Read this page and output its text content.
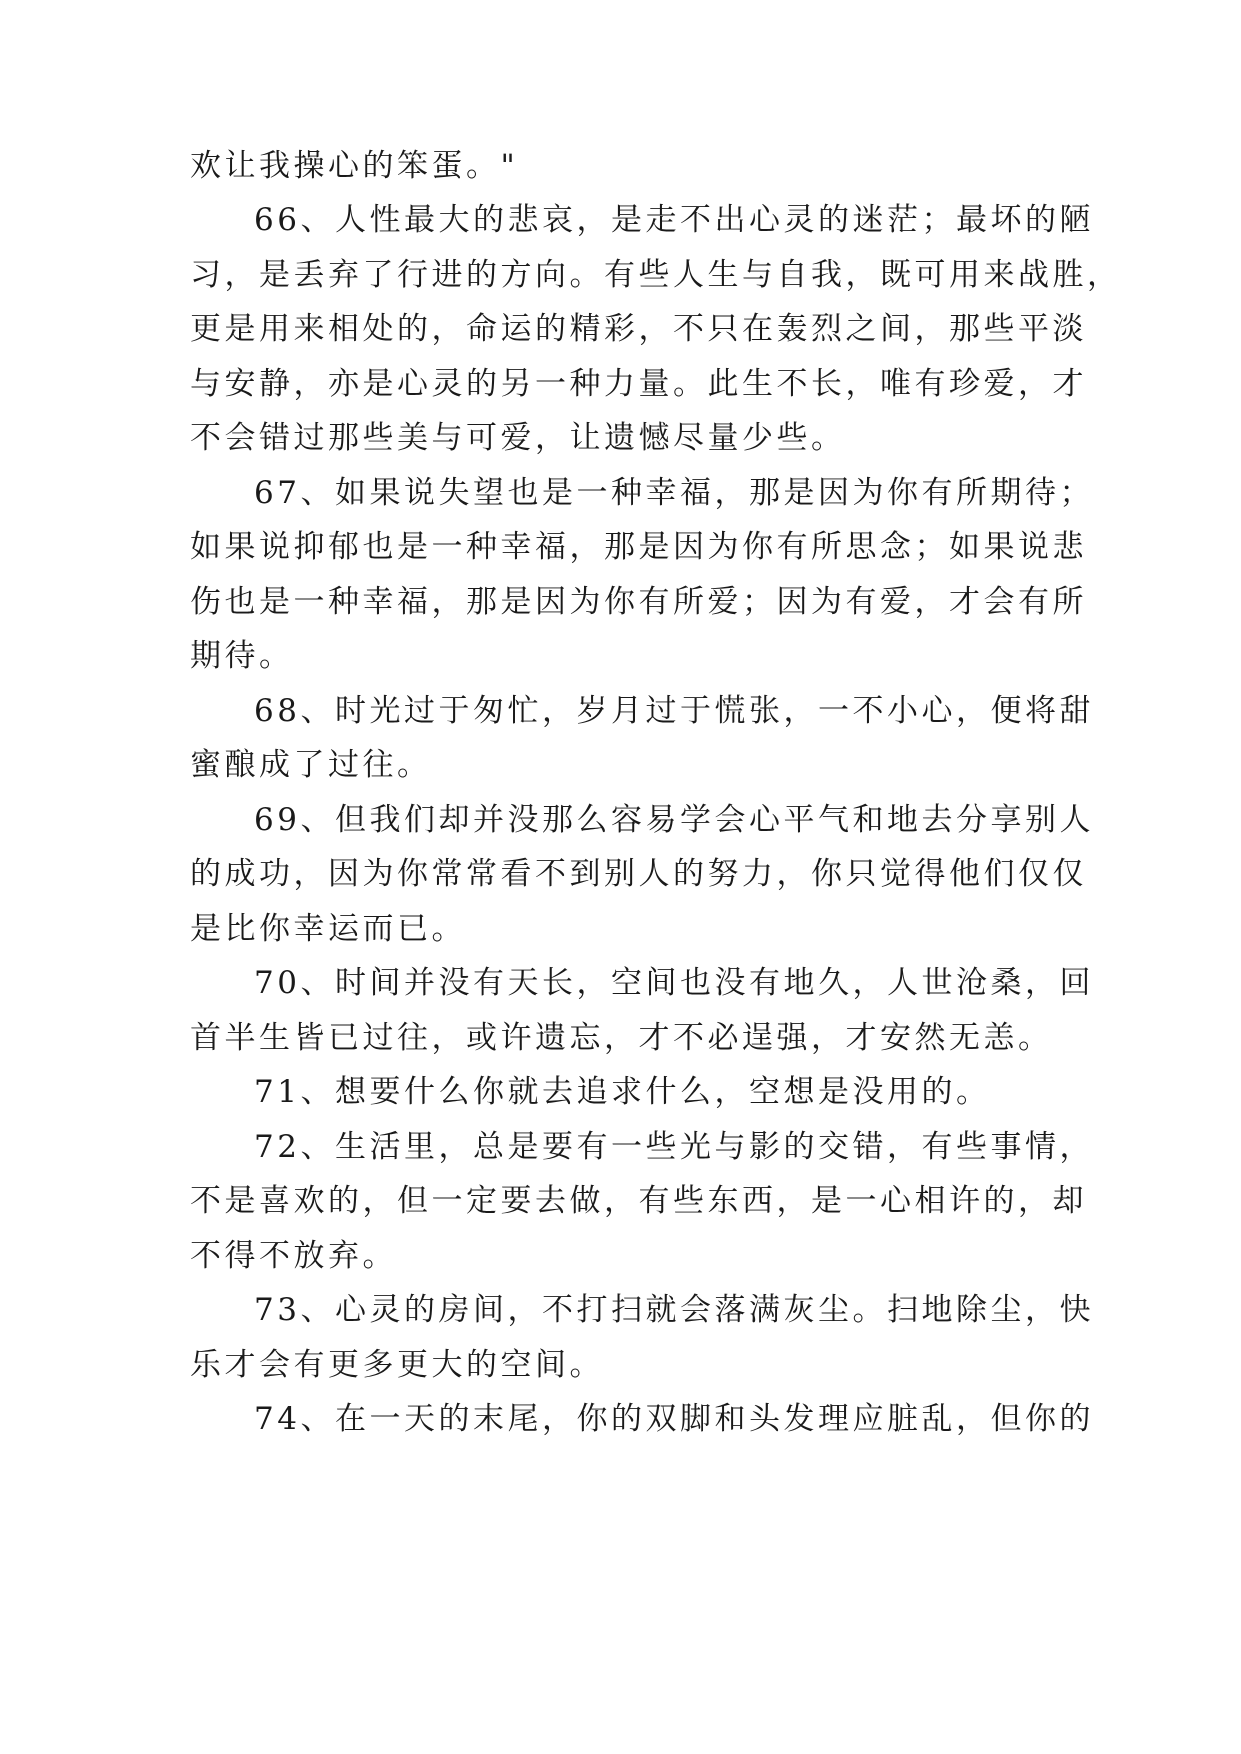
欢让我操心的笨蛋。"
66、人性最大的悲哀，是走不出心灵的迷茫；最坏的陋
习，是丢弃了行进的方向。有些人生与自我，既可用来战胜，
更是用来相处的，命运的精彩，不只在轰烈之间，那些平淡
与安静，亦是心灵的另一种力量。此生不长，唯有珍爱，才
不会错过那些美与可爱，让遗憾尽量少些。
67、如果说失望也是一种幸福，那是因为你有所期待；
如果说抑郁也是一种幸福，那是因为你有所思念；如果说悲
伤也是一种幸福，那是因为你有所爱；因为有爱，才会有所
期待。
68、时光过于匆忙，岁月过于慌张，一不小心，便将甜
蜜酿成了过往。
69、但我们却并没那么容易学会心平气和地去分享别人
的成功，因为你常常看不到别人的努力，你只觉得他们仅仅
是比你幸运而已。
70、时间并没有天长，空间也没有地久，人世沧桑，回
首半生皆已过往，或许遗忘，才不必逞强，才安然无恙。
71、想要什么你就去追求什么，空想是没用的。
72、生活里，总是要有一些光与影的交错，有些事情，
不是喜欢的，但一定要去做，有些东西，是一心相许的，却
不得不放弃。
73、心灵的房间，不打扫就会落满灰尘。扫地除尘，快
乐才会有更多更大的空间。
74、在一天的末尾，你的双脚和头发理应脏乱，但你的
